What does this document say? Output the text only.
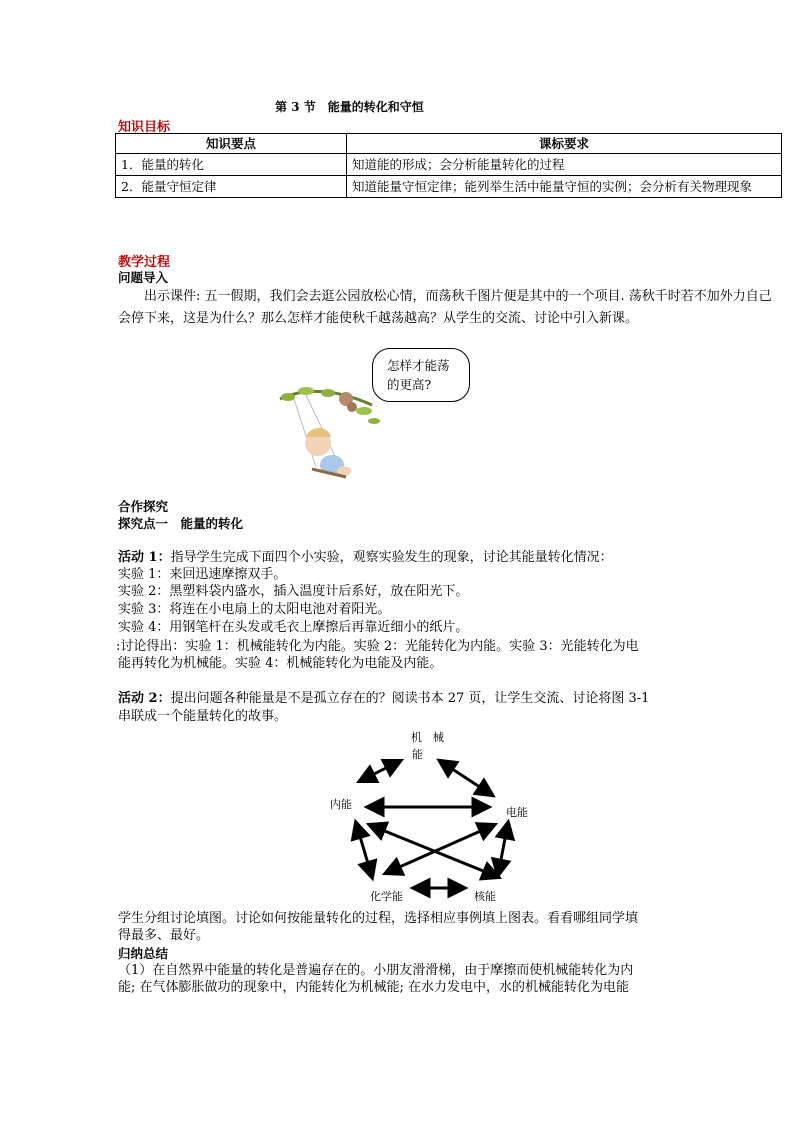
第 3 节　能量的转化和守恒
知识目标
知识要点	课标要求
1．能量的转化	知道能的形成；会分析能量转化的过程
2．能量守恒定律	知道能量守恒定律；能列举生活中能量守恒的实例；会分析有关物理现象
教学过程
问题导入
出示课件: 五一假期，我们会去逛公园放松心情，而荡秋千图片便是其中的一个项目. 荡秋千时若不加外力自己会停下来，这是为什么？那么怎样才能使秋千越荡越高？从学生的交流、讨论中引入新课。
怎样才能荡
的更高?
合作探究
探究点一　能量的转化
活动 1：指导学生完成下面四个小实验，观察实验发生的现象，讨论其能量转化情况：
实验 1：来回迅速摩擦双手。
实验 2：黑塑料袋内盛水，插入温度计后系好，放在阳光下。
实验 3：将连在小电扇上的太阳电池对着阳光。
实验 4：用钢笔杆在头发或毛衣上摩擦后再靠近细小的纸片。
:讨论得出：实验 1：机械能转化为内能。实验 2：光能转化为内能。实验 3：光能转化为电
能再转化为机械能。实验 4：机械能转化为电能及内能。
活动 2：提出问题各种能量是不是孤立存在的？阅读书本 27 页，让学生交流、讨论将图 3-1
串联成一个能量转化的故事。
机　械
能
内能
电能
化学能	核能
学生分组讨论填图。讨论如何按能量转化的过程，选择相应事例填上图表。看看哪组同学填
得最多、最好。
归纳总结
（1）在自然界中能量的转化是普遍存在的。小朋友滑滑梯，由于摩擦而使机械能转化为内
能; 在气体膨胀做功的现象中，内能转化为机械能; 在水力发电中，水的机械能转化为电能
